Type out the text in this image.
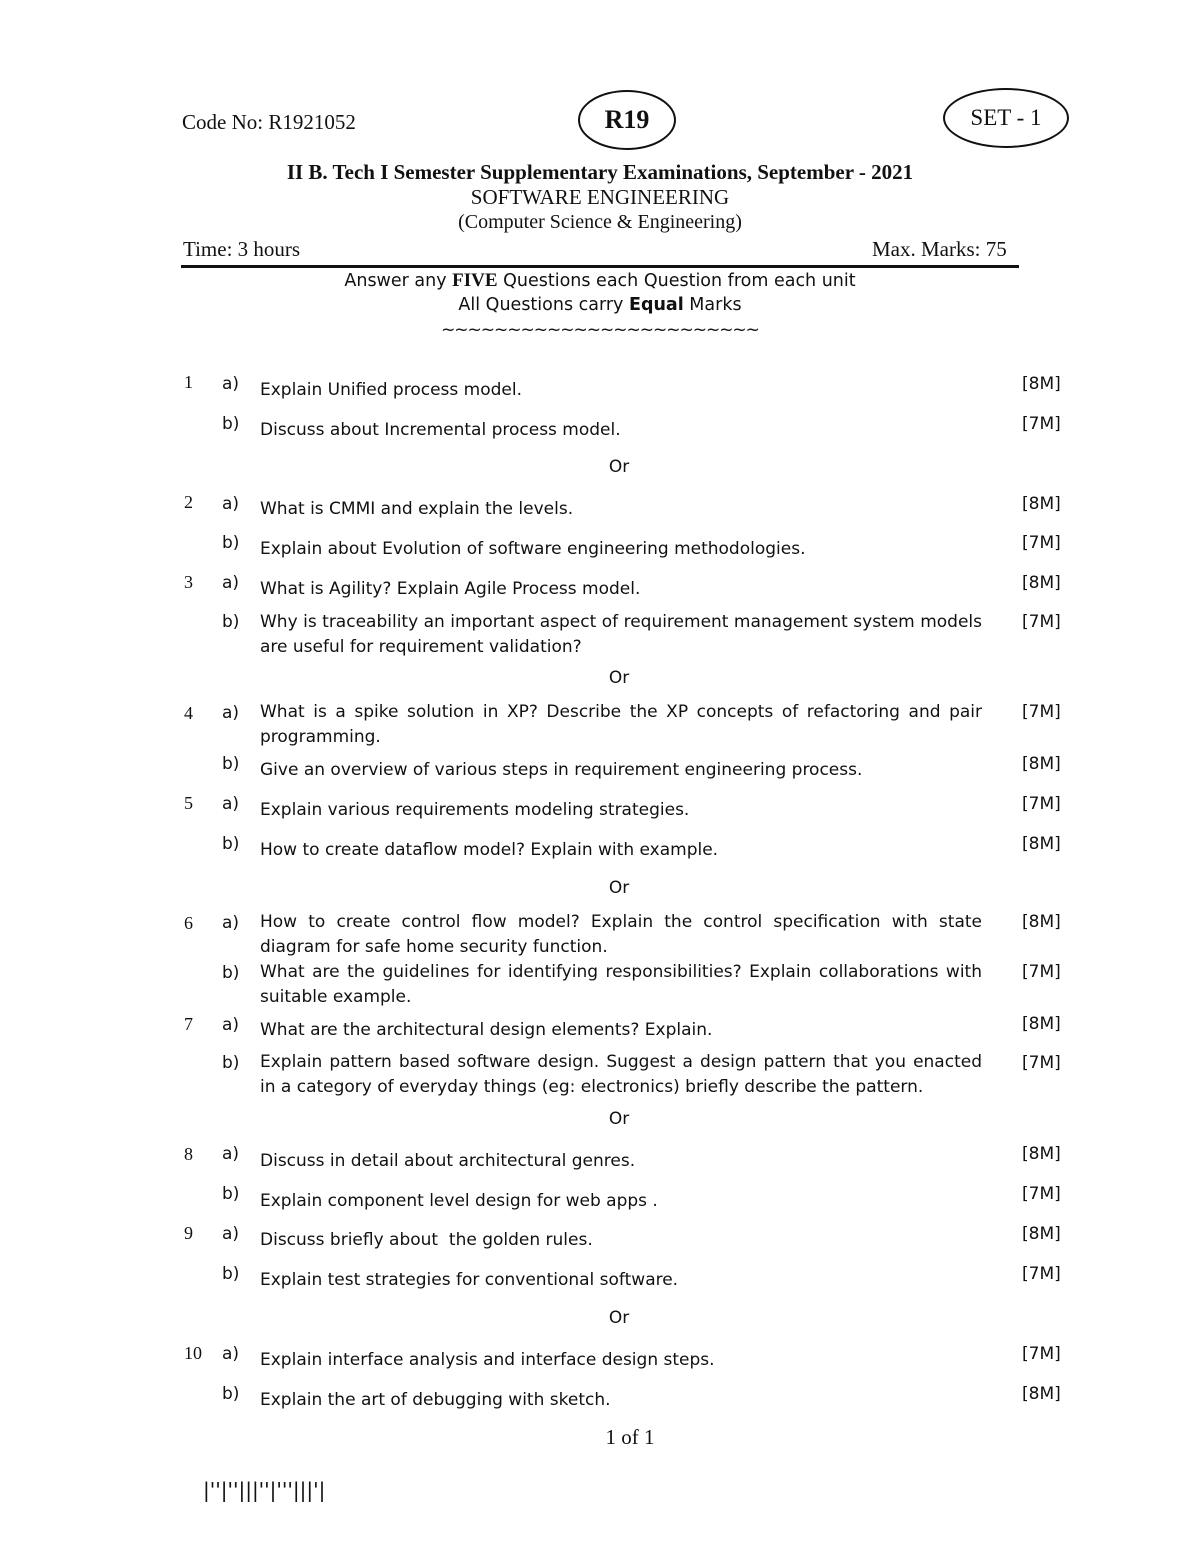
Code No: R1921052	R19	SET - 1
II B. Tech I Semester Supplementary Examinations, September - 2021
SOFTWARE ENGINEERING
(Computer Science & Engineering)
Time: 3 hours	Max. Marks: 75
Answer any FIVE Questions each Question from each unit
All Questions carry Equal Marks
~~~~~~~~~~~~~~~~~~~~~~~~
1 a) Explain Unified process model.	[8M]
b) Discuss about Incremental process model.	[7M]
Or
2 a) What is CMMI and explain the levels.	[8M]
b) Explain about Evolution of software engineering methodologies.	[7M]
3 a) What is Agility? Explain Agile Process model.	[8M]
b) Why is traceability an important aspect of requirement management system models are useful for requirement validation?
[7M]
Or
4 a) What is a spike solution in XP? Describe the XP concepts of refactoring and pair programming.
[7M]
b) Give an overview of various steps in requirement engineering process.	[8M]
5 a) Explain various requirements modeling strategies.	[7M]
b) How to create dataflow model? Explain with example.	[8M]
Or
6 a) How to create control flow model? Explain the control specification with state diagram for safe home security function.
[8M]
b) What are the guidelines for identifying responsibilities? Explain collaborations with suitable example.
[7M]
7 a) What are the architectural design elements? Explain.	[8M]
b) Explain pattern based software design. Suggest a design pattern that you enacted in a category of everyday things (eg: electronics) briefly describe the pattern.
[7M]
Or
8 a) Discuss in detail about architectural genres.	[8M]
b) Explain component level design for web apps .	[7M]
9 a) Discuss briefly about  the golden rules.	[8M]
b) Explain test strategies for conventional software.	[7M]
Or
10 a) Explain interface analysis and interface design steps.	[7M]
b) Explain the art of debugging with sketch.	[8M]
1 of 1
|''|''|||''|'''|||'|
